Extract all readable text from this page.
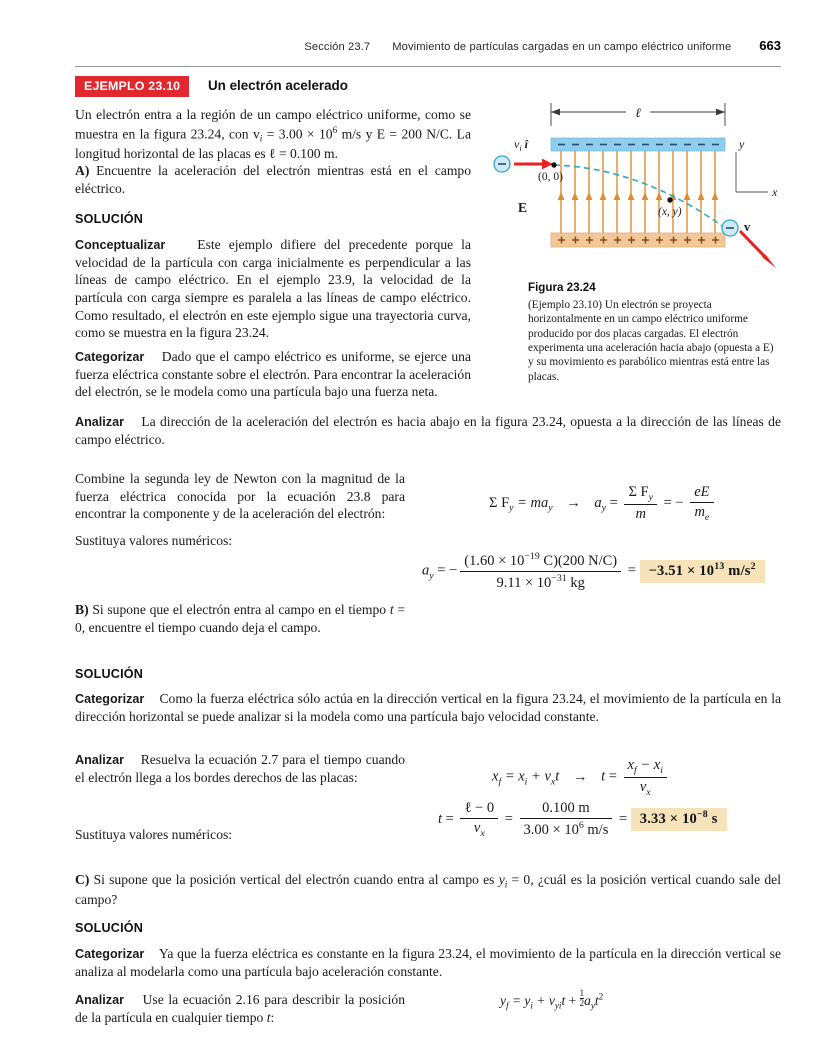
Sección 23.7 Movimiento de partículas cargadas en un campo eléctrico uniforme 663
EJEMPLO 23.10	Un electrón acelerado
Un electrón entra a la región de un campo eléctrico uniforme, como se muestra en la figura 23.24, con $v_i = 3.00 \times 10^6$ m/s y E = 200 N/C. La longitud horizontal de las placas es ℓ = 0.100 m.
A) Encuentre la aceleración del electrón mientras está en el campo eléctrico.
SOLUCIÓN
Conceptualizar Este ejemplo difiere del precedente porque la velocidad de la partícula con carga inicialmente es perpendicular a las líneas de campo eléctrico. En el ejemplo 23.9, la velocidad de la partícula con carga siempre es paralela a las líneas de campo eléctrico. Como resultado, el electrón en este ejemplo sigue una trayectoria curva, como se muestra en la figura 23.24.
Categorizar Dado que el campo eléctrico es uniforme, se ejerce una fuerza eléctrica constante sobre el electrón. Para encontrar la aceleración del electrón, se le modela como una partícula bajo una fuerza neta.
Analizar La dirección de la aceleración del electrón es hacia abajo en la figura 23.24, opuesta a la dirección de las líneas de campo eléctrico.
Combine la segunda ley de Newton con la magnitud de la fuerza eléctrica conocida por la ecuación 23.8 para encontrar la componente y de la aceleración del electrón:
Sustituya valores numéricos:
Σ $F_y = ma_y \to a_y = \frac{\Sigma F_y}{m}$ = − $\frac{eE}{m_e}$
$a_y$ = − $\frac{(1.60 \times 10^{-19} C)(200 N/C)}{9.11 \times 10^{-31} kg} = -3.51 \times 10^{13}$ $m/s^2$
B) Si supone que el electrón entra al campo en el tiempo t = 0, encuentre el tiempo cuando deja el campo.
SOLUCIÓN
Categorizar Como la fuerza eléctrica sólo actúa en la dirección vertical en la figura 23.24, el movimiento de la partícula en la dirección horizontal se puede analizar si la modela como una partícula bajo velocidad constante.
Analizar Resuelva la ecuación 2.7 para el tiempo cuando el electrón llega a los bordes derechos de las placas:
Sustituya valores numéricos:
$x_f = x_i + v_xt \to t = \frac{x_f - x_i}{v_x}$
$t = \frac{\text{ℓ − 0}}{v_x} = \frac{0.100 m}{3.00 \times 10^6 m/s} = 3.33 \times 10^{-8}$ s
C) Si supone que la posición vertical del electrón cuando entra al campo es $y_i = 0$, ¿cuál es la posición vertical cuando sale del campo?
SOLUCIÓN
Categorizar Ya que la fuerza eléctrica es constante en la figura 23.24, el movimiento de la partícula en la dirección vertical se analiza al modelarla como una partícula bajo aceleración constante.
Analizar Use la ecuación 2.16 para describir la posición de la partícula en cualquier tiempo t:
$y_f = y_i + v_{yi}t + \frac{1}{2} a_yt^2$
ℓ
$v_i$ î
(0, 0)
(x, y)
E⃗
v⃗
y
x
Figura 23.24
(Ejemplo 23.10) Un electrón se proyecta horizontalmente en un campo eléctrico uniforme producido por dos placas cargadas. El electrón experimenta una aceleración hacia abajo (opuesta a E) y su movimiento es parabólico mientras está entre las placas.
